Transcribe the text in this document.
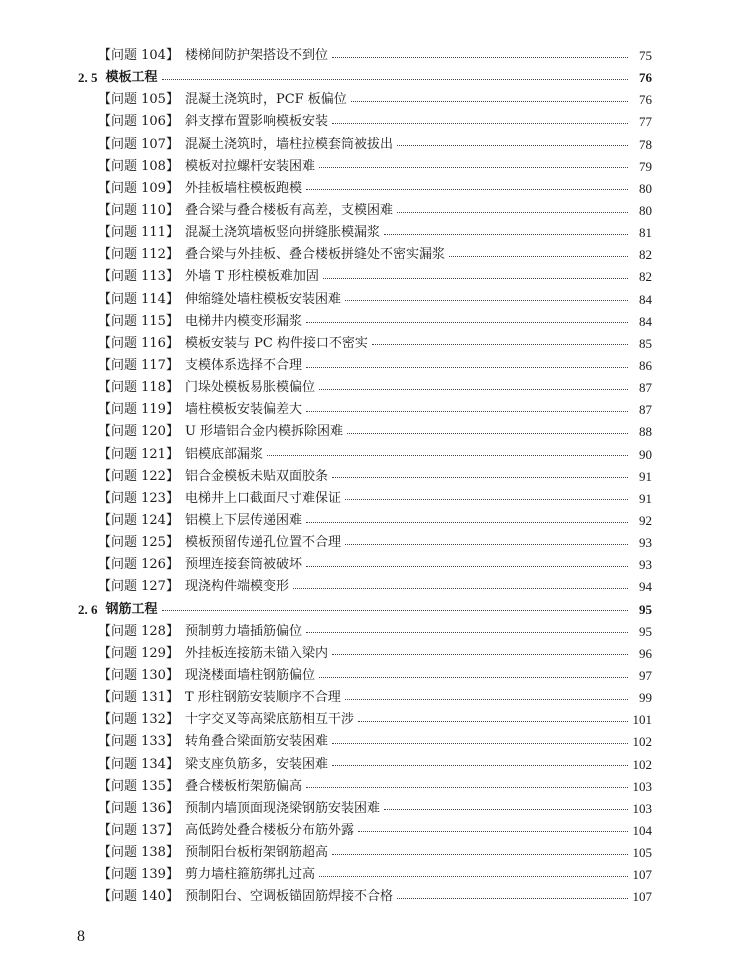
【问题 104】 楼梯间防护架搭设不到位	75
2. 5 模板工程	76
【问题 105】 混凝土浇筑时，PCF 板偏位	76
【问题 106】 斜支撑布置影响模板安装	77
【问题 107】 混凝土浇筑时，墙柱拉模套筒被拔出	78
【问题 108】 模板对拉螺杆安装困难	79
【问题 109】 外挂板墙柱模板跑模	80
【问题 110】 叠合梁与叠合楼板有高差，支模困难	80
【问题 111】 混凝土浇筑墙板竖向拼缝胀模漏浆	81
【问题 112】 叠合梁与外挂板、叠合楼板拼缝处不密实漏浆	82
【问题 113】 外墙 T 形柱模板难加固	82
【问题 114】 伸缩缝处墙柱模板安装困难	84
【问题 115】 电梯井内模变形漏浆	84
【问题 116】 模板安装与 PC 构件接口不密实	85
【问题 117】 支模体系选择不合理	86
【问题 118】 门垛处模板易胀模偏位	87
【问题 119】 墙柱模板安装偏差大	87
【问题 120】 U 形墙铝合金内模拆除困难	88
【问题 121】 铝模底部漏浆	90
【问题 122】 铝合金模板未贴双面胶条	91
【问题 123】 电梯井上口截面尺寸难保证	91
【问题 124】 铝模上下层传递困难	92
【问题 125】 模板预留传递孔位置不合理	93
【问题 126】 预埋连接套筒被破坏	93
【问题 127】 现浇构件端模变形	94
2. 6 钢筋工程	95
【问题 128】 预制剪力墙插筋偏位	95
【问题 129】 外挂板连接筋未锚入梁内	96
【问题 130】 现浇楼面墙柱钢筋偏位	97
【问题 131】 T 形柱钢筋安装顺序不合理	99
【问题 132】 十字交叉等高梁底筋相互干涉	101
【问题 133】 转角叠合梁面筋安装困难	102
【问题 134】 梁支座负筋多，安装困难	102
【问题 135】 叠合楼板桁架筋偏高	103
【问题 136】 预制内墙顶面现浇梁钢筋安装困难	103
【问题 137】 高低跨处叠合楼板分布筋外露	104
【问题 138】 预制阳台板桁架钢筋超高	105
【问题 139】 剪力墙柱箍筋绑扎过高	107
【问题 140】 预制阳台、空调板锚固筋焊接不合格	107
8
